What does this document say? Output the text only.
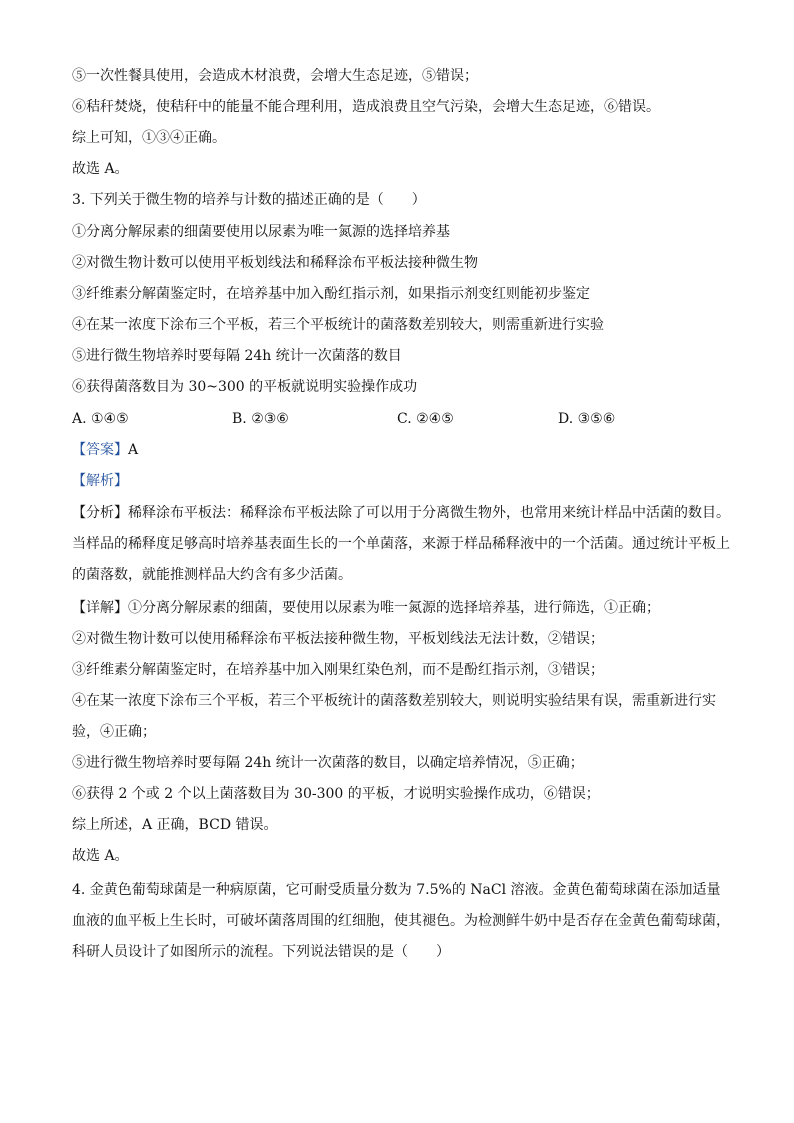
⑤一次性餐具使用，会造成木材浪费，会增大生态足迹，⑤错误；
⑥秸秆焚烧，使秸秆中的能量不能合理利用，造成浪费且空气污染，会增大生态足迹，⑥错误。
综上可知，①③④正确。
故选 A。
3. 下列关于微生物的培养与计数的描述正确的是（　　）
①分离分解尿素的细菌要使用以尿素为唯一氮源的选择培养基
②对微生物计数可以使用平板划线法和稀释涂布平板法接种微生物
③纤维素分解菌鉴定时，在培养基中加入酚红指示剂，如果指示剂变红则能初步鉴定
④在某一浓度下涂布三个平板，若三个平板统计的菌落数差别较大，则需重新进行实验
⑤进行微生物培养时要每隔 24h 统计一次菌落的数目
⑥获得菌落数目为 30~300 的平板就说明实验操作成功
A. ①④⑤	B. ②③⑥	C. ②④⑤	D. ③⑤⑥
【答案】A
【解析】
【分析】稀释涂布平板法：稀释涂布平板法除了可以用于分离微生物外，也常用来统计样品中活菌的数目。当样品的稀释度足够高时培养基表面生长的一个单菌落，来源于样品稀释液中的一个活菌。通过统计平板上的菌落数，就能推测样品大约含有多少活菌。
【详解】①分离分解尿素的细菌，要使用以尿素为唯一氮源的选择培养基，进行筛选，①正确；
②对微生物计数可以使用稀释涂布平板法接种微生物，平板划线法无法计数，②错误；
③纤维素分解菌鉴定时，在培养基中加入刚果红染色剂，而不是酚红指示剂，③错误；
④在某一浓度下涂布三个平板，若三个平板统计的菌落数差别较大，则说明实验结果有误，需重新进行实验，④正确；
⑤进行微生物培养时要每隔 24h 统计一次菌落的数目，以确定培养情况，⑤正确；
⑥获得 2 个或 2 个以上菌落数目为 30-300 的平板，才说明实验操作成功，⑥错误；
综上所述，A 正确，BCD 错误。
故选 A。
4. 金黄色葡萄球菌是一种病原菌，它可耐受质量分数为 7.5%的 NaCl 溶液。金黄色葡萄球菌在添加适量血液的血平板上生长时，可破坏菌落周围的红细胞，使其褪色。为检测鲜牛奶中是否存在金黄色葡萄球菌，科研人员设计了如图所示的流程。下列说法错误的是（　　）
